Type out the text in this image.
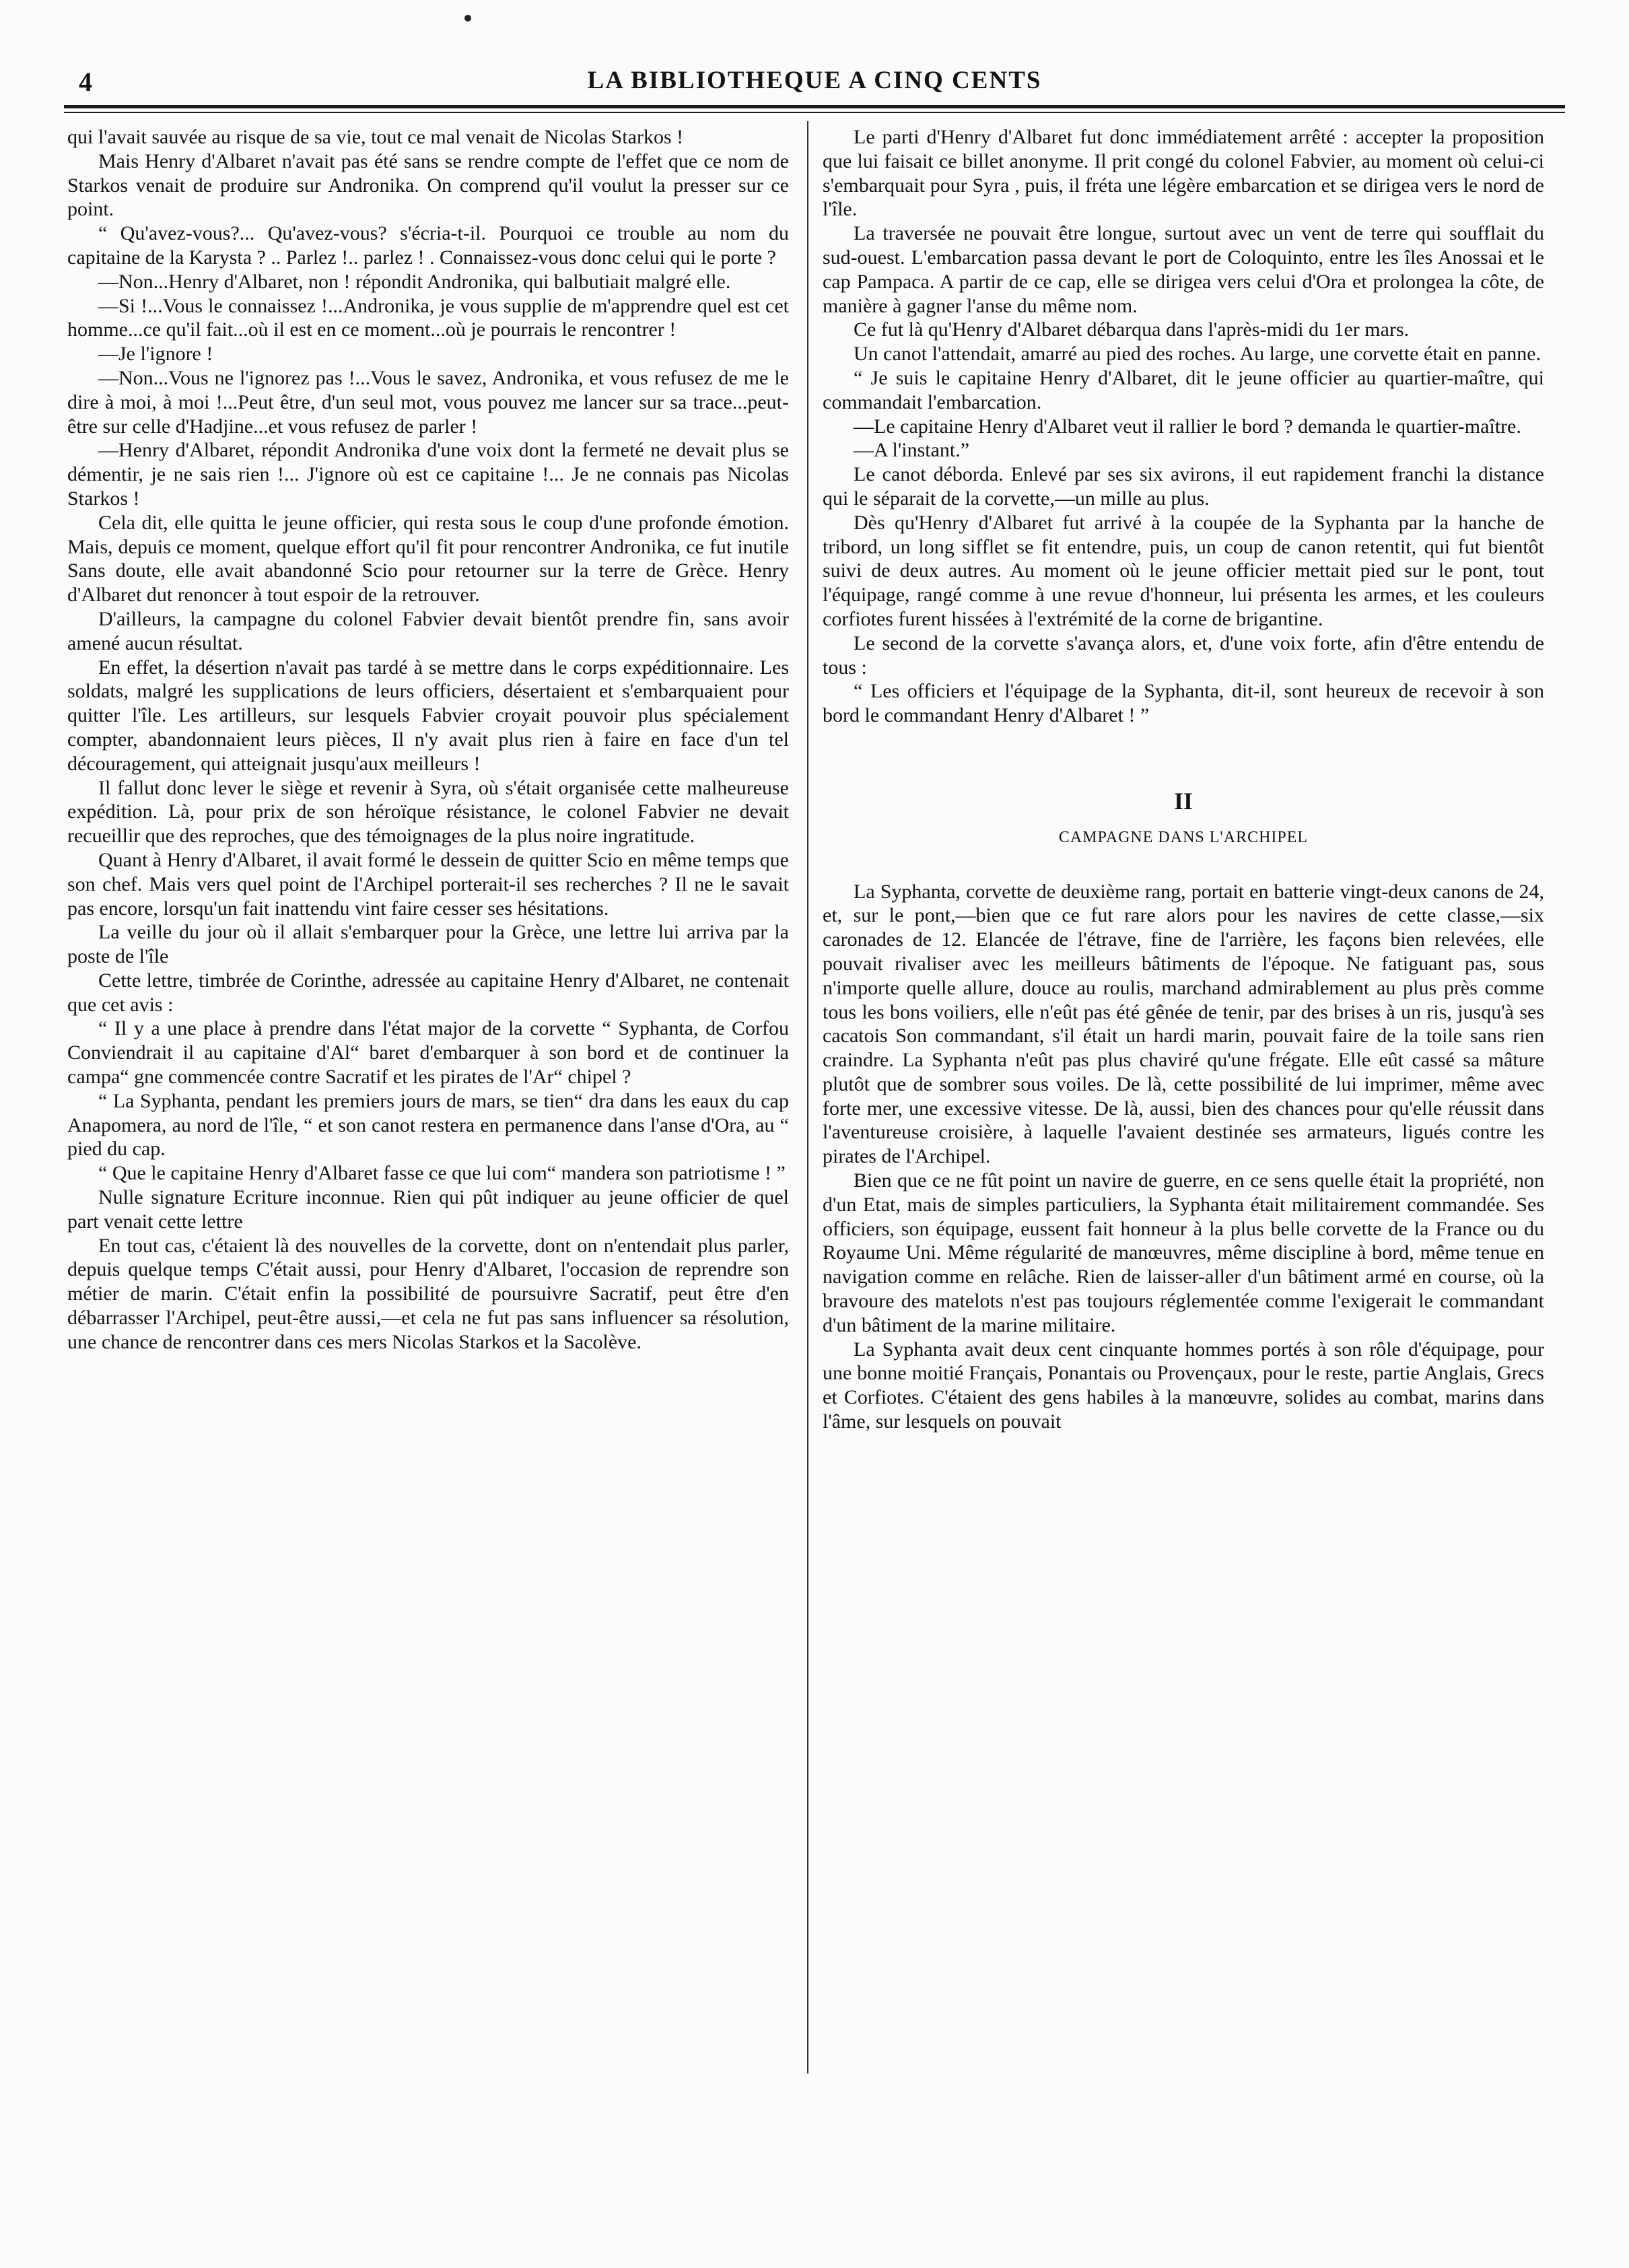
4	LA BIBLIOTHEQUE A CINQ CENTS

qui l'avait sauvée au risque de sa vie, tout ce mal venait de Nicolas Starkos !

Mais Henry d'Albaret n'avait pas été sans se rendre compte de l'effet que ce nom de Starkos venait de produire sur Andronika. On comprend qu'il voulut la presser sur ce point.

“ Qu'avez-vous?... Qu'avez-vous? s'écria-t-il. Pourquoi ce trouble au nom du capitaine de la Karysta ? .. Parlez !.. parlez ! . Connaissez-vous donc celui qui le porte ?

—Non...Henry d'Albaret, non ! répondit Andronika, qui balbutiait malgré elle.

—Si !...Vous le connaissez !...Andronika, je vous supplie de m'apprendre quel est cet homme...ce qu'il fait...où il est en ce moment...où je pourrais le rencontrer !

—Je l'ignore !

—Non...Vous ne l'ignorez pas !...Vous le savez, Andronika, et vous refusez de me le dire à moi, à moi !...Peut être, d'un seul mot, vous pouvez me lancer sur sa trace...peut-être sur celle d'Hadjine...et vous refusez de parler !

—Henry d'Albaret, répondit Andronika d'une voix dont la fermeté ne devait plus se démentir, je ne sais rien !... J'ignore où est ce capitaine !... Je ne connais pas Nicolas Starkos !

Cela dit, elle quitta le jeune officier, qui resta sous le coup d'une profonde émotion. Mais, depuis ce moment, quelque effort qu'il fit pour rencontrer Andronika, ce fut inutile Sans doute, elle avait abandonné Scio pour retourner sur la terre de Grèce. Henry d'Albaret dut renoncer à tout espoir de la retrouver.

D'ailleurs, la campagne du colonel Fabvier devait bientôt prendre fin, sans avoir amené aucun résultat.

En effet, la désertion n'avait pas tardé à se mettre dans le corps expéditionnaire. Les soldats, malgré les supplications de leurs officiers, désertaient et s'embarquaient pour quitter l'île. Les artilleurs, sur lesquels Fabvier croyait pouvoir plus spécialement compter, abandonnaient leurs pièces, Il n'y avait plus rien à faire en face d'un tel découragement, qui atteignait jusqu'aux meilleurs !

Il fallut donc lever le siège et revenir à Syra, où s'était organisée cette malheureuse expédition. Là, pour prix de son héroïque résistance, le colonel Fabvier ne devait recueillir que des reproches, que des témoignages de la plus noire ingratitude.

Quant à Henry d'Albaret, il avait formé le dessein de quitter Scio en même temps que son chef. Mais vers quel point de l'Archipel porterait-il ses recherches ? Il ne le savait pas encore, lorsqu'un fait inattendu vint faire cesser ses hésitations.

La veille du jour où il allait s'embarquer pour la Grèce, une lettre lui arriva par la poste de l'île

Cette lettre, timbrée de Corinthe, adressée au capitaine Henry d'Albaret, ne contenait que cet avis :

“ Il y a une place à prendre dans l'état major de la corvette “ Syphanta, de Corfou Conviendrait il au capitaine d'Al“ baret d'embarquer à son bord et de continuer la campa“ gne commencée contre Sacratif et les pirates de l'Ar“ chipel ?

“ La Syphanta, pendant les premiers jours de mars, se tien“ dra dans les eaux du cap Anapomera, au nord de l'île, “ et son canot restera en permanence dans l'anse d'Ora, au “ pied du cap.

“ Que le capitaine Henry d'Albaret fasse ce que lui com“ mandera son patriotisme ! ”

Nulle signature Ecriture inconnue. Rien qui pût indiquer au jeune officier de quel part venait cette lettre

En tout cas, c'étaient là des nouvelles de la corvette, dont on n'entendait plus parler, depuis quelque temps C'était aussi, pour Henry d'Albaret, l'occasion de reprendre son métier de marin. C'était enfin la possibilité de poursuivre Sacratif, peut être d'en débarrasser l'Archipel, peut-être aussi,—et cela ne fut pas sans influencer sa résolution, une chance de rencontrer dans ces mers Nicolas Starkos et la Sacolève.

Le parti d'Henry d'Albaret fut donc immédiatement arrêté : accepter la proposition que lui faisait ce billet anonyme. Il prit congé du colonel Fabvier, au moment où celui-ci s'embarquait pour Syra , puis, il fréta une légère embarcation et se dirigea vers le nord de l'île.

La traversée ne pouvait être longue, surtout avec un vent de terre qui soufflait du sud-ouest. L'embarcation passa devant le port de Coloquinto, entre les îles Anossai et le cap Pampaca. A partir de ce cap, elle se dirigea vers celui d'Ora et prolongea la côte, de manière à gagner l'anse du même nom.

Ce fut là qu'Henry d'Albaret débarqua dans l'après-midi du 1er mars.

Un canot l'attendait, amarré au pied des roches. Au large, une corvette était en panne.

“ Je suis le capitaine Henry d'Albaret, dit le jeune officier au quartier-maître, qui commandait l'embarcation.

—Le capitaine Henry d'Albaret veut il rallier le bord ? demanda le quartier-maître.

—A l'instant.”

Le canot déborda. Enlevé par ses six avirons, il eut rapidement franchi la distance qui le séparait de la corvette,—un mille au plus.

Dès qu'Henry d'Albaret fut arrivé à la coupée de la Syphanta par la hanche de tribord, un long sifflet se fit entendre, puis, un coup de canon retentit, qui fut bientôt suivi de deux autres. Au moment où le jeune officier mettait pied sur le pont, tout l'équipage, rangé comme à une revue d'honneur, lui présenta les armes, et les couleurs corfiotes furent hissées à l'extrémité de la corne de brigantine.

Le second de la corvette s'avança alors, et, d'une voix forte, afin d'être entendu de tous :

“ Les officiers et l'équipage de la Syphanta, dit-il, sont heureux de recevoir à son bord le commandant Henry d'Albaret ! ”

II
CAMPAGNE DANS L'ARCHIPEL

La Syphanta, corvette de deuxième rang, portait en batterie vingt-deux canons de 24, et, sur le pont,—bien que ce fut rare alors pour les navires de cette classe,—six caronades de 12. Elancée de l'étrave, fine de l'arrière, les façons bien relevées, elle pouvait rivaliser avec les meilleurs bâtiments de l'époque. Ne fatiguant pas, sous n'importe quelle allure, douce au roulis, marchand admirablement au plus près comme tous les bons voiliers, elle n'eût pas été gênée de tenir, par des brises à un ris, jusqu'à ses cacatois Son commandant, s'il était un hardi marin, pouvait faire de la toile sans rien craindre. La Syphanta n'eût pas plus chaviré qu'une frégate. Elle eût cassé sa mâture plutôt que de sombrer sous voiles. De là, cette possibilité de lui imprimer, même avec forte mer, une excessive vitesse. De là, aussi, bien des chances pour qu'elle réussit dans l'aventureuse croisière, à laquelle l'avaient destinée ses armateurs, ligués contre les pirates de l'Archipel.

Bien que ce ne fût point un navire de guerre, en ce sens quelle était la propriété, non d'un Etat, mais de simples particuliers, la Syphanta était militairement commandée. Ses officiers, son équipage, eussent fait honneur à la plus belle corvette de la France ou du Royaume Uni. Même régularité de manœuvres, même discipline à bord, même tenue en navigation comme en relâche. Rien de laisser-aller d'un bâtiment armé en course, où la bravoure des matelots n'est pas toujours réglementée comme l'exigerait le commandant d'un bâtiment de la marine militaire.

La Syphanta avait deux cent cinquante hommes portés à son rôle d'équipage, pour une bonne moitié Français, Ponantais ou Provençaux, pour le reste, partie Anglais, Grecs et Corfiotes. C'étaient des gens habiles à la manœuvre, solides au combat, marins dans l'âme, sur lesquels on pouvait
